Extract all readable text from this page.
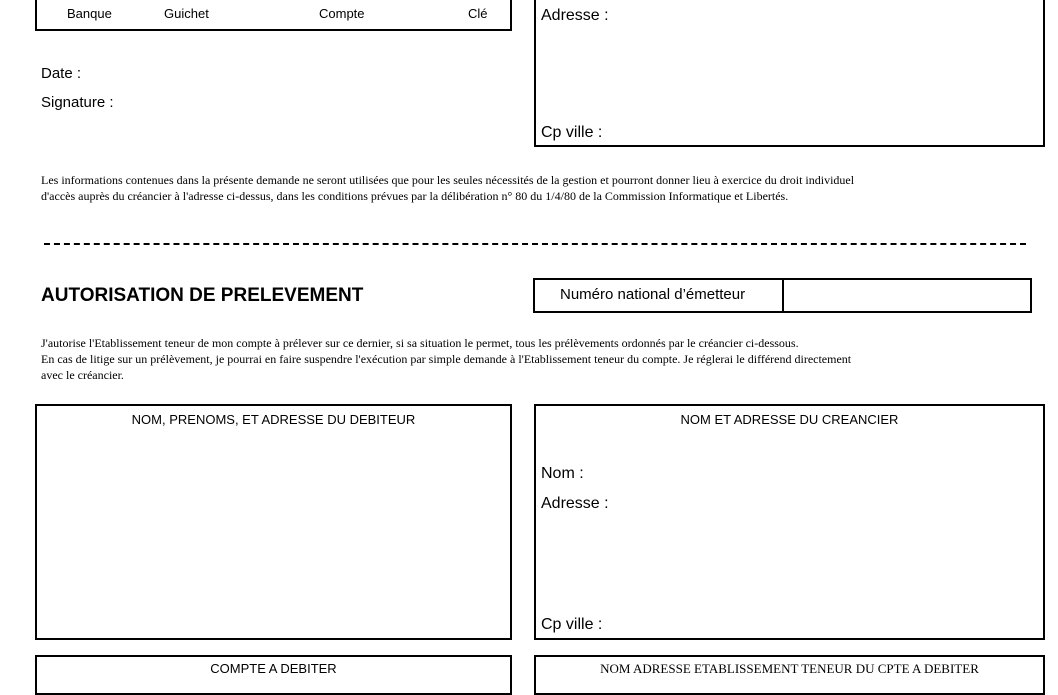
Banque	Guichet	Compte	Clé
Date :
Signature :
Adresse :
Cp ville :
Les informations contenues dans la présente demande ne seront utilisées que pour les seules nécessités de la gestion et pourront donner lieu à exercice du droit individuel
d'accès auprès du créancier à l'adresse ci-dessus, dans les conditions prévues par la délibération n° 80 du 1/4/80 de la Commission Informatique et Libertés.
AUTORISATION DE PRELEVEMENT	Numéro national d’émetteur
J'autorise l'Etablissement teneur de mon compte à prélever sur ce dernier, si sa situation le permet, tous les prélèvements ordonnés par le créancier ci-dessous.
En cas de litige sur un prélèvement, je pourrai en faire suspendre l'exécution par simple demande à l'Etablissement teneur du compte. Je réglerai le différend directement
avec le créancier.
NOM, PRENOMS, ET ADRESSE DU DEBITEUR	NOM ET ADRESSE DU CREANCIER
Nom :
Adresse :
Cp ville :
COMPTE A DEBITER	NOM ADRESSE ETABLISSEMENT TENEUR DU CPTE A DEBITER
